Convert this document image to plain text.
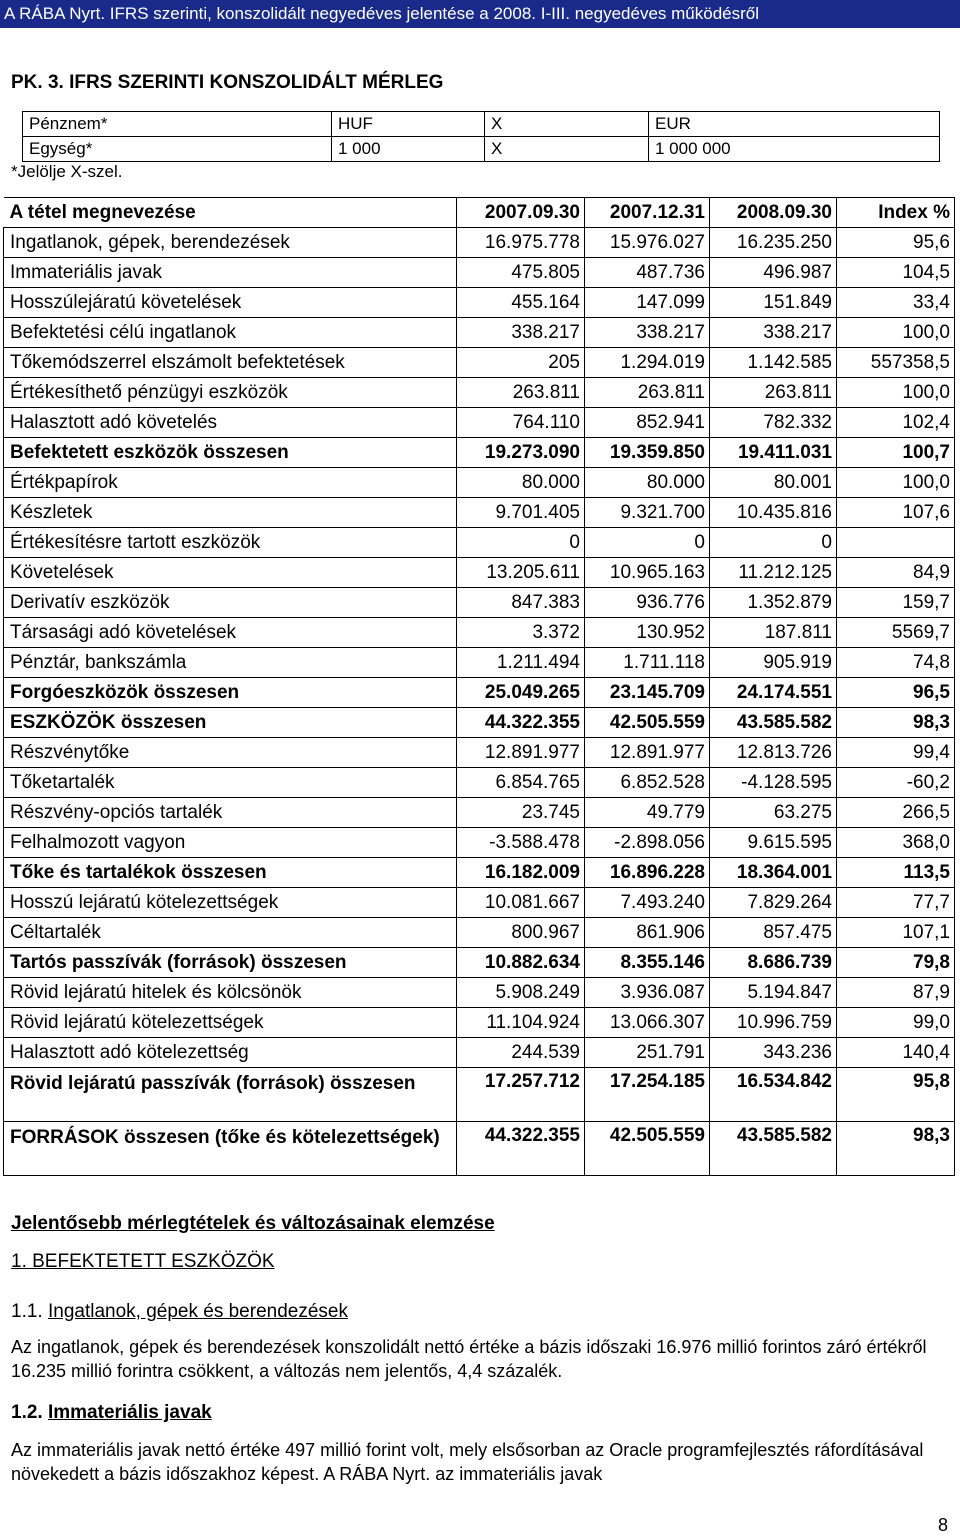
A RÁBA Nyrt. IFRS szerinti, konszolidált negyedéves jelentése a 2008. I-III. negyedéves működésről
PK. 3. IFRS SZERINTI KONSZOLIDÁLT MÉRLEG
Pénznem*	HUF	X	EUR
Egység*	1 000	X	1 000 000
*Jelölje X-szel.
A tétel megnevezése	2007.09.30	2007.12.31	2008.09.30	Index %
Ingatlanok, gépek, berendezések	16.975.778	15.976.027	16.235.250	95,6
Immateriális javak	475.805	487.736	496.987	104,5
Hosszúlejáratú követelések	455.164	147.099	151.849	33,4
Befektetési célú ingatlanok	338.217	338.217	338.217	100,0
Tőkemódszerrel elszámolt befektetések	205	1.294.019	1.142.585	557358,5
Értékesíthető pénzügyi eszközök	263.811	263.811	263.811	100,0
Halasztott adó követelés	764.110	852.941	782.332	102,4
Befektetett eszközök összesen	19.273.090	19.359.850	19.411.031	100,7
Értékpapírok	80.000	80.000	80.001	100,0
Készletek	9.701.405	9.321.700	10.435.816	107,6
Értékesítésre tartott eszközök	0	0	0	
Követelések	13.205.611	10.965.163	11.212.125	84,9
Derivatív eszközök	847.383	936.776	1.352.879	159,7
Társasági adó követelések	3.372	130.952	187.811	5569,7
Pénztár, bankszámla	1.211.494	1.711.118	905.919	74,8
Forgóeszközök összesen	25.049.265	23.145.709	24.174.551	96,5
ESZKÖZÖK összesen	44.322.355	42.505.559	43.585.582	98,3
Részvénytőke	12.891.977	12.891.977	12.813.726	99,4
Tőketartalék	6.854.765	6.852.528	-4.128.595	-60,2
Részvény-opciós tartalék	23.745	49.779	63.275	266,5
Felhalmozott vagyon	-3.588.478	-2.898.056	9.615.595	368,0
Tőke és tartalékok összesen	16.182.009	16.896.228	18.364.001	113,5
Hosszú lejáratú kötelezettségek	10.081.667	7.493.240	7.829.264	77,7
Céltartalék	800.967	861.906	857.475	107,1
Tartós passzívák (források) összesen	10.882.634	8.355.146	8.686.739	79,8
Rövid lejáratú hitelek és kölcsönök	5.908.249	3.936.087	5.194.847	87,9
Rövid lejáratú kötelezettségek	11.104.924	13.066.307	10.996.759	99,0
Halasztott adó kötelezettség	244.539	251.791	343.236	140,4
Rövid lejáratú passzívák (források) összesen	17.257.712	17.254.185	16.534.842	95,8
FORRÁSOK összesen (tőke és kötelezettségek)	44.322.355	42.505.559	43.585.582	98,3
Jelentősebb mérlegtételek és változásainak elemzése
1. BEFEKTETETT ESZKÖZÖK
1.1. Ingatlanok, gépek és berendezések
Az ingatlanok, gépek és berendezések konszolidált nettó értéke a bázis időszaki 16.976 millió forintos záró értékről 16.235 millió forintra csökkent, a változás nem jelentős, 4,4 százalék.
1.2. Immateriális javak
Az immateriális javak nettó értéke 497 millió forint volt, mely elsősorban az Oracle programfejlesztés ráfordításával növekedett a bázis időszakhoz képest. A RÁBA Nyrt. az immateriális javak
8
